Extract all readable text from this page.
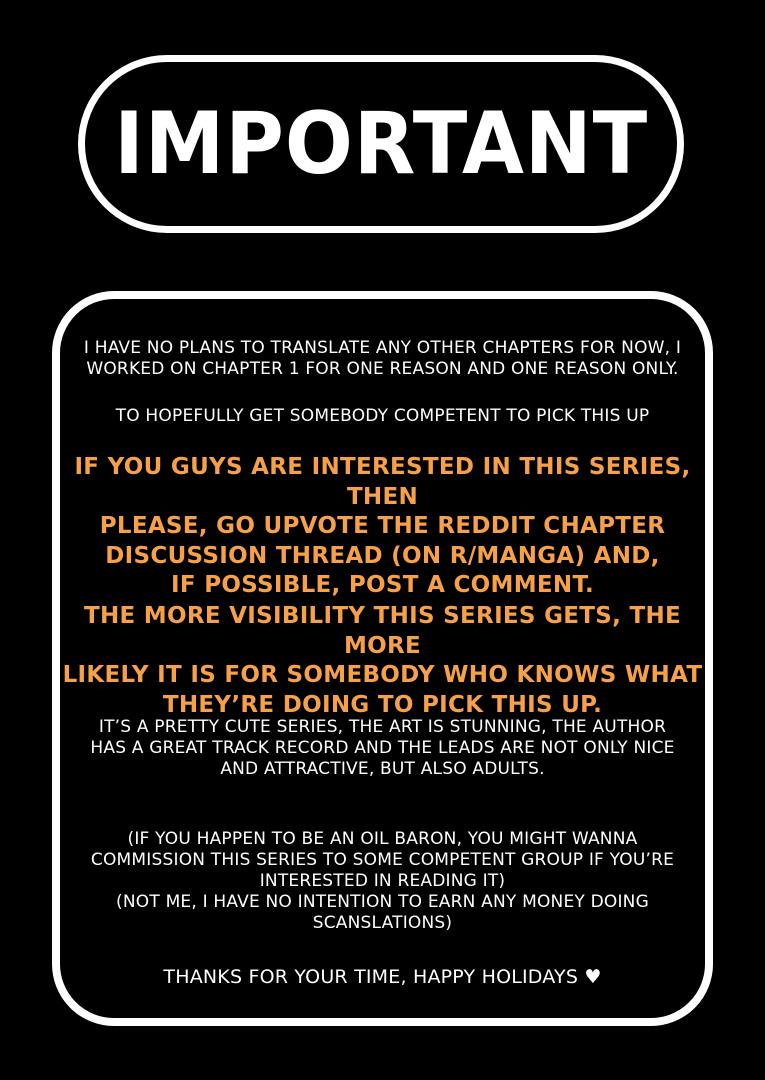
IMPORTANT

I HAVE NO PLANS TO TRANSLATE ANY OTHER CHAPTERS FOR NOW, I
WORKED ON CHAPTER 1 FOR ONE REASON AND ONE REASON ONLY.

TO HOPEFULLY GET SOMEBODY COMPETENT TO PICK THIS UP

IF YOU GUYS ARE INTERESTED IN THIS SERIES, THEN
PLEASE, GO UPVOTE THE REDDIT CHAPTER
DISCUSSION THREAD (ON R/MANGA) AND,
IF POSSIBLE, POST A COMMENT.

THE MORE VISIBILITY THIS SERIES GETS, THE MORE
LIKELY IT IS FOR SOMEBODY WHO KNOWS WHAT
THEY’RE DOING TO PICK THIS UP.

IT’S A PRETTY CUTE SERIES, THE ART IS STUNNING, THE AUTHOR
HAS A GREAT TRACK RECORD AND THE LEADS ARE NOT ONLY NICE
AND ATTRACTIVE, BUT ALSO ADULTS.

(IF YOU HAPPEN TO BE AN OIL BARON, YOU MIGHT WANNA
COMMISSION THIS SERIES TO SOME COMPETENT GROUP IF YOU’RE
INTERESTED IN READING IT)

(NOT ME, I HAVE NO INTENTION TO EARN ANY MONEY DOING
SCANSLATIONS)

THANKS FOR YOUR TIME, HAPPY HOLIDAYS ♥
